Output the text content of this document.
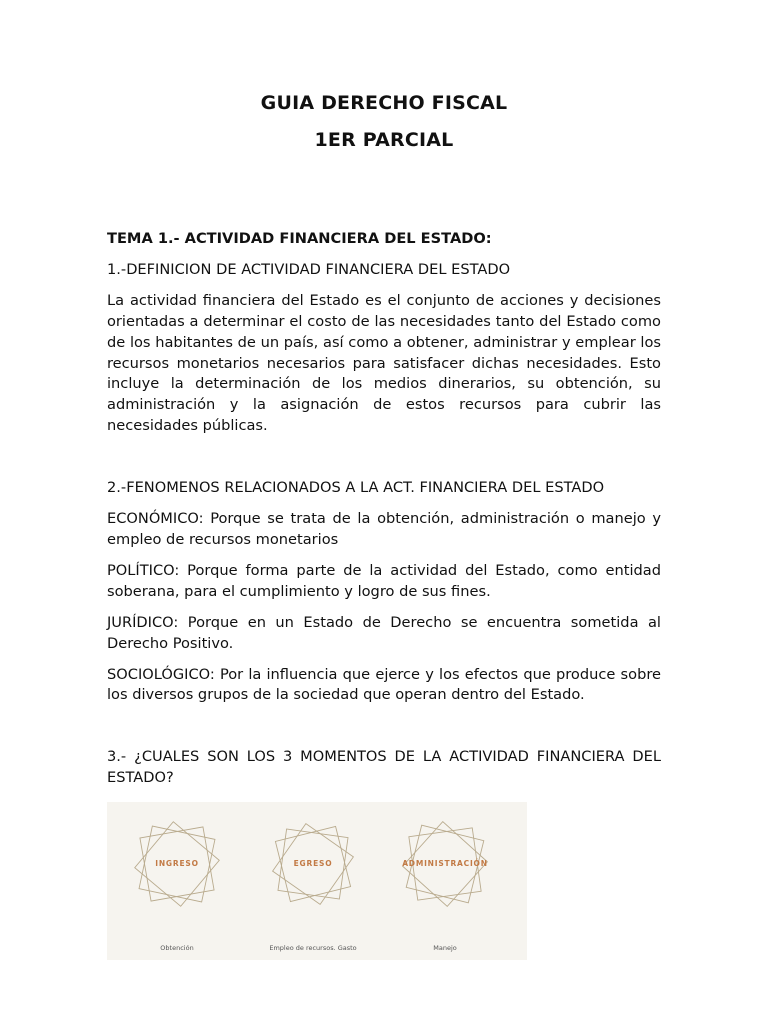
GUIA DERECHO FISCAL
1ER PARCIAL

TEMA 1.- ACTIVIDAD FINANCIERA DEL ESTADO:

1.-DEFINICION DE ACTIVIDAD FINANCIERA DEL ESTADO

La actividad financiera del Estado es el conjunto de acciones y decisiones orientadas a determinar el costo de las necesidades tanto del Estado como de los habitantes de un país, así como a obtener, administrar y emplear los recursos monetarios necesarios para satisfacer dichas necesidades. Esto incluye la determinación de los medios dinerarios, su obtención, su administración y la asignación de estos recursos para cubrir las necesidades públicas.

2.-FENOMENOS RELACIONADOS A LA ACT. FINANCIERA DEL ESTADO

ECONÓMICO: Porque se trata de la obtención, administración o manejo y empleo de recursos monetarios

POLÍTICO: Porque forma parte de la actividad del Estado, como entidad soberana, para el cumplimiento y logro de sus fines.

JURÍDICO: Porque en un Estado de Derecho se encuentra sometida al Derecho Positivo.

SOCIOLÓGICO: Por la influencia que ejerce y los efectos que produce sobre los diversos grupos de la sociedad que operan dentro del Estado.

3.- ¿CUALES SON LOS 3 MOMENTOS DE LA ACTIVIDAD FINANCIERA DEL ESTADO?

INGRESO
Obtención
EGRESO
Empleo de recursos. Gasto
ADMINISTRACIÓN
Manejo
